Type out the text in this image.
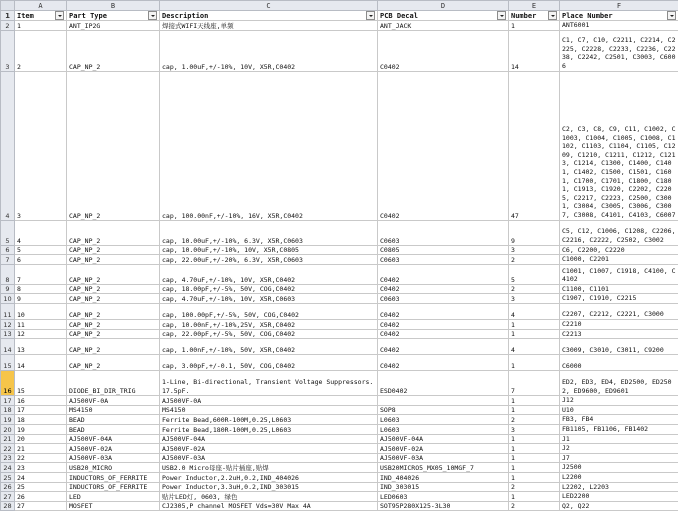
	A	B	C	D	E	F
1	Item	Part Type	Description	PCB Decal	Number	Place Number

2	1	ANT_IP2G	焊接式WIFI天线座,单频	ANT_JACK	1	ANT6001
3	2	CAP_NP_2	cap, 1.00uF,+/-10%, 10V, X5R,C0402	C0402	14	C1, C7, C10, C2211, C2214, C2225, C2228, C2233, C2236, C2238, C2242, C2501, C3003, C6006
4	3	CAP_NP_2	cap, 100.00nF,+/-10%, 16V, X5R,C0402	C0402	47	C2, C3, C8, C9, C11, C1002, C1003, C1004, C1005, C1008, C1102, C1103, C1104, C1105, C1209, C1210, C1211, C1212, C1213, C1214, C1300, C1400, C1401, C1402, C1500, C1501, C1601, C1700, C1701, C1800, C1801, C1913, C1920, C2202, C2205, C2217, C2223, C2500, C3001, C3004, C3005, C3006, C3007, C3008, C4101, C4103, C6007
5	4	CAP_NP_2	cap, 10.00uF,+/-10%, 6.3V, X5R,C0603	C0603	9	C5, C12, C1006, C1208, C2206, C2216, C2222, C2502, C3002
6	5	CAP_NP_2	cap, 10.00uF,+/-10%, 10V, X5R,C0805	C0805	3	C6, C2200, C2220
7	6	CAP_NP_2	cap, 22.00uF,+/-20%, 6.3V, X5R,C0603	C0603	2	C1000, C2201
8	7	CAP_NP_2	cap, 4.70uF,+/-10%, 10V, X5R,C0402	C0402	5	C1001, C1007, C1918, C4100, C4102
9	8	CAP_NP_2	cap, 18.00pF,+/-5%, 50V, COG,C0402	C0402	2	C1100, C1101
10	9	CAP_NP_2	cap, 4.70uF,+/-10%, 10V, X5R,C0603	C0603	3	C1907, C1910, C2215
11	10	CAP_NP_2	cap, 100.00pF,+/-5%, 50V, COG,C0402	C0402	4	C2207, C2212, C2221, C3000
12	11	CAP_NP_2	cap, 10.00nF,+/-10%,25V, X5R,C0402	C0402	1	C2210
13	12	CAP_NP_2	cap, 22.00pF,+/-5%, 50V, COG,C0402	C0402	1	C2213
14	13	CAP_NP_2	cap, 1.00nF,+/-10%, 50V, X5R,C0402	C0402	4	C3009, C3010, C3011, C9200
15	14	CAP_NP_2	cap, 3.00pF,+/-0.1, 50V, COG,C0402	C0402	1	C6000
16	15	DIODE_BI_DIR_TRIG	1-Line, Bi-directional, Transient Voltage Suppressors.17.5pF.	ESD0402	7	ED2, ED3, ED4, ED2500, ED2502, ED9600, ED9601
17	16	AJ500VF-0A	AJ500VF-0A		1	J12
18	17	MS4150	MS4150	SOP8	1	U10
19	18	BEAD	Ferrite Bead,600R-100M,0.25,L0603	L0603	2	FB3, FB4
20	19	BEAD	Ferrite Bead,180R-100M,0.25,L0603	L0603	3	FB1105, FB1106, FB1402
21	20	AJ500VF-04A	AJ500VF-04A	AJ500VF-04A	1	J1
22	21	AJ500VF-02A	AJ500VF-02A	AJ500VF-02A	1	J2
23	22	AJ500VF-03A	AJ500VF-03A	AJ500VF-03A	1	J7
24	23	USB20_MICRO	USB2.0 Micro母座-贴片插座,贴焊	USB20MICRO5_MX05_10MGF_7	1	J2500
25	24	INDUCTORS_OF_FERRITE	Power Inductor,2.2uH,0.2,IND_404026	IND_404026	1	L2200
26	25	INDUCTORS_OF_FERRITE	Power Inductor,3.3uH,0.2,IND_303015	IND_303015	2	L2202, L2203
27	26	LED	贴片LED灯, 0603, 绿色	LED0603	1	LED2200
28	27	MOSFET	CJ2305,P channel MOSFET Vds=30V Max 4A	SOT95P280X125-3L30	2	Q2, Q22
